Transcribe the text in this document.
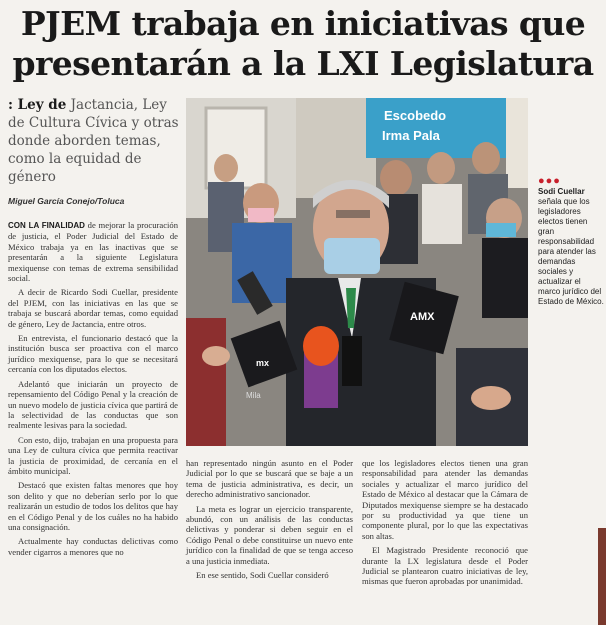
PJEM trabaja en iniciativas que presentarán a la LXI Legislatura
: Ley de Jactancia, Ley de Cultura Cívica y otras donde aborden temas, como la equidad de género
Miguel García Conejo/Toluca

CON LA FINALIDAD de mejorar la procuración de justicia, el Poder Judicial del Estado de México trabaja ya en las inactivas que se presentarán a la siguiente Legislatura mexiquense con temas de extrema sensibilidad social.

A decir de Ricardo Sodi Cuellar, presidente del PJEM, con las iniciativas en las que se trabaja se buscará abordar temas, como equidad de género, Ley de Jactancia, entre otros.

En entrevista, el funcionario destacó que la institución busca ser proactiva con el marco jurídico mexiquense, para lo que se necesitará cercanía con los diputados electos.

Adelantó que iniciarán un proyecto de repensamiento del Código Penal y la creación de un nuevo modelo de justicia cívica que partirá de la selectividad de las conductas que son realmente lesivas para la sociedad.

Con esto, dijo, trabajan en una propuesta para una Ley de cultura cívica que permita reactivar la justicia de proximidad, de cercanía en el ámbito municipal.

Destacó que existen faltas menores que hoy son delito y que no deberían serlo por lo que realizarán un estudio de todos los delitos que hay en el Código Penal y de los cuáles no ha habido una consignación.

Actualmente hay conductas delictivas como vender cigarros a menores que no

Escobedo
Irma Pala
mx
AMX
Mila
●●●
Sodi Cuellar
señala que los legisladores electos tienen gran responsabilidad para atender las demandas sociales y actualizar el marco jurídico del Estado de México.

han representado ningún asunto en el Poder Judicial por lo que se buscará que se baje a un tema de justicia administrativa, es decir, un derecho administrativo sancionador.

La meta es lograr un ejercicio transparente, abundó, con un análisis de las conductas delictivas y ponderar si deben seguir en el Código Penal o debe constituirse un nuevo ente jurídico con la finalidad de que se tenga acceso a una justicia inmediata.

En ese sentido, Sodi Cuellar consideró

que los legisladores electos tienen una gran responsabilidad para atender las demandas sociales y actualizar el marco jurídico del Estado de México al destacar que la Cámara de Diputados mexiquense siempre se ha destacado por su productividad ya que tiene un componente plural, por lo que las expectativas son altas.

El Magistrado Presidente reconoció que durante la LX legislatura desde el Poder Judicial se plantearon cuatro iniciativas de ley, mismas que fueron aprobadas por unanimidad.
